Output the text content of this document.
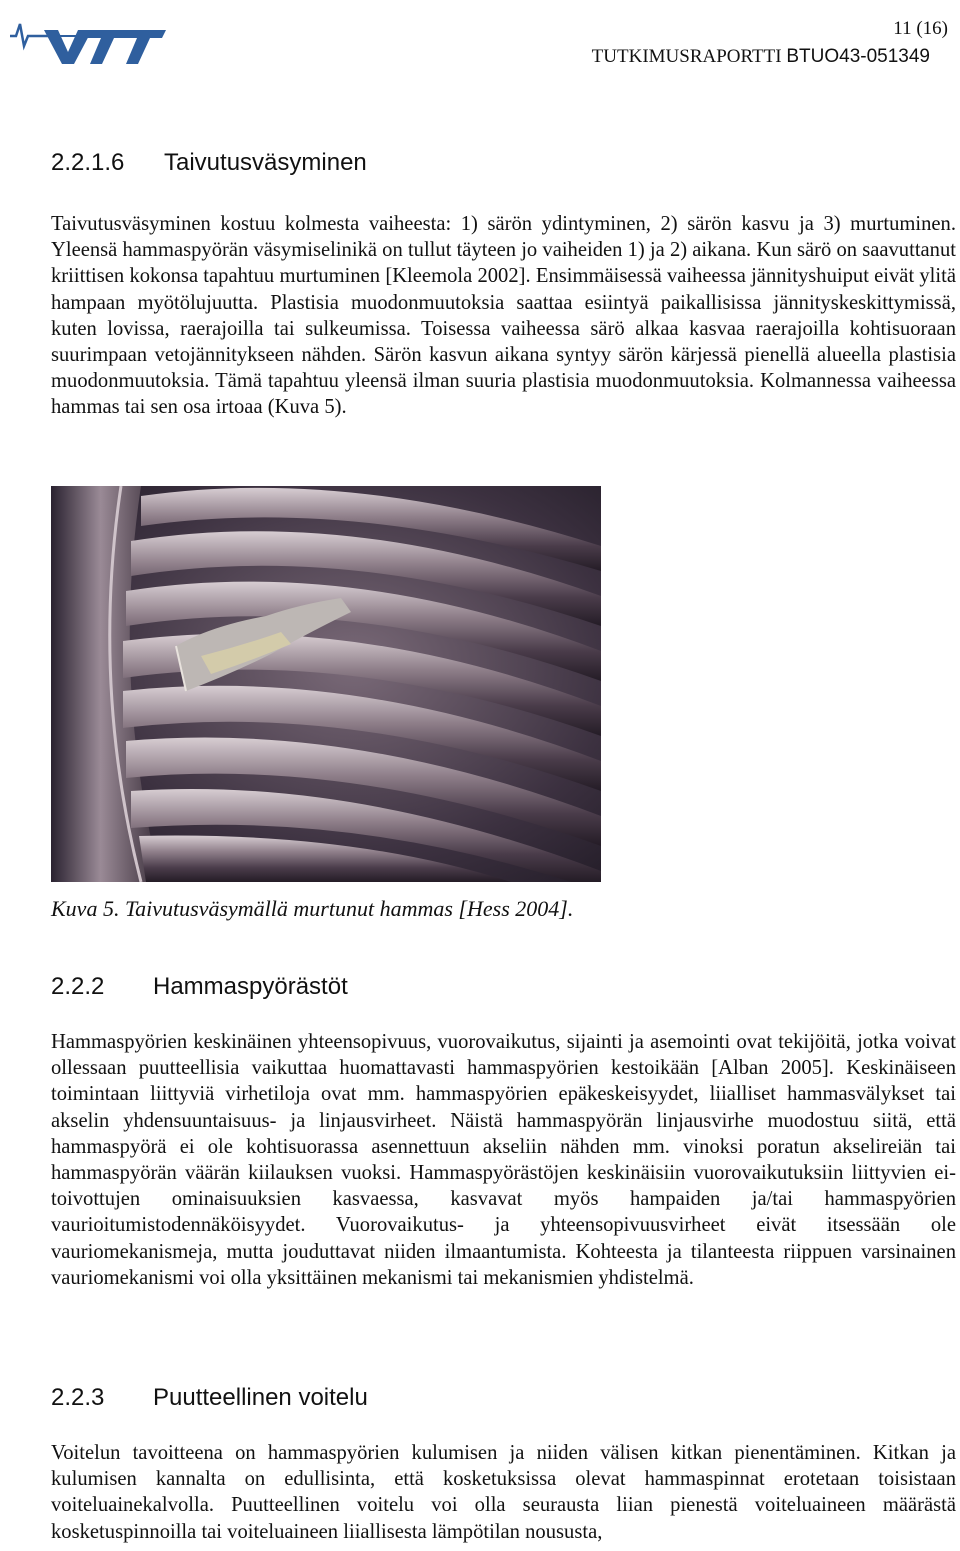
11 (16)
TUTKIMUSRAPORTTI BTUO43-051349
2.2.1.6 Taivutusväsyminen

Taivutusväsyminen kostuu kolmesta vaiheesta: 1) särön ydintyminen, 2) särön kasvu ja 3) murtuminen. Yleensä hammaspyörän väsymiselinikä on tullut täyteen jo vaiheiden 1) ja 2) aikana. Kun särö on saavuttanut kriittisen kokonsa tapahtuu murtuminen [Kleemola 2002]. Ensimmäisessä vaiheessa jännityshuiput eivät ylitä hampaan myötölujuutta. Plastisia muodonmuutoksia saattaa esiintyä paikallisissa jännityskeskittymissä, kuten lovissa, raerajoilla tai sulkeumissa. Toisessa vaiheessa särö alkaa kasvaa raerajoilla kohtisuoraan suurimpaan vetojännitykseen nähden. Särön kasvun aikana syntyy särön kärjessä pienellä alueella plastisia muodonmuutoksia. Tämä tapahtuu yleensä ilman suuria plastisia muodonmuutoksia. Kolmannessa vaiheessa hammas tai sen osa irtoaa (Kuva 5).

Kuva 5. Taivutusväsymällä murtunut hammas [Hess 2004].
2.2.2 Hammaspyörästöt

Hammaspyörien keskinäinen yhteensopivuus, vuorovaikutus, sijainti ja asemointi ovat tekijöitä, jotka voivat ollessaan puutteellisia vaikuttaa huomattavasti hammaspyörien kestoikään [Alban 2005]. Keskinäiseen toimintaan liittyviä virhetiloja ovat mm. hammaspyörien epäkeskeisyydet, liialliset hammasvälykset tai akselin yhdensuuntaisuus- ja linjausvirheet. Näistä hammaspyörän linjausvirhe muodostuu siitä, että hammaspyörä ei ole kohtisuorassa asennettuun akseliin nähden mm. vinoksi poratun akselireiän tai hammaspyörän väärän kiilauksen vuoksi. Hammaspyörästöjen keskinäisiin vuorovaikutuksiin liittyvien ei-toivottujen ominaisuuksien kasvaessa, kasvavat myös hampaiden ja/tai hammaspyörien vaurioitumistodennäköisyydet. Vuorovaikutus- ja yhteensopivuusvirheet eivät itsessään ole vauriomekanismeja, mutta jouduttavat niiden ilmaantumista. Kohteesta ja tilanteesta riippuen varsinainen vauriomekanismi voi olla yksittäinen mekanismi tai mekanismien yhdistelmä.

2.2.3 Puutteellinen voitelu

Voitelun tavoitteena on hammaspyörien kulumisen ja niiden välisen kitkan pienentäminen. Kitkan ja kulumisen kannalta on edullisinta, että kosketuksissa olevat hammaspinnat erotetaan toisistaan voiteluainekalvolla. Puutteellinen voitelu voi olla seurausta liian pienestä voiteluaineen määrästä kosketuspinnoilla tai voiteluaineen liiallisesta lämpötilan noususta,
